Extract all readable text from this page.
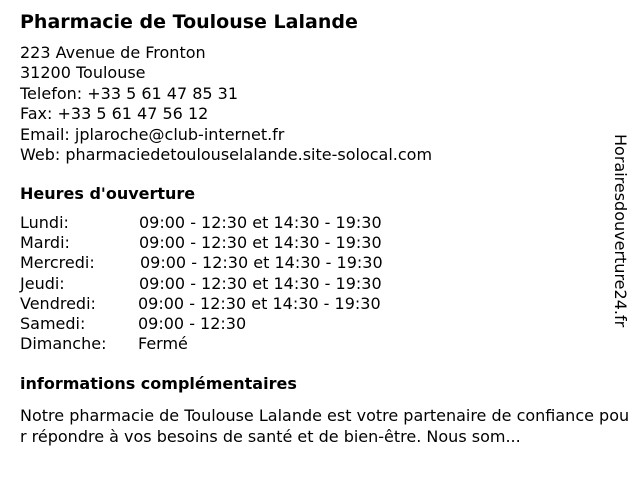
Pharmacie de Toulouse Lalande
223 Avenue de Fronton
31200 Toulouse
Telefon: +33 5 61 47 85 31
Fax: +33 5 61 47 56 12
Email: jplaroche@club-internet.fr
Web: pharmaciedetoulouselalande.site-solocal.com
Heures d'ouverture
Lundi:	09:00 - 12:30 et 14:30 - 19:30
Mardi:	09:00 - 12:30 et 14:30 - 19:30
Mercredi:	09:00 - 12:30 et 14:30 - 19:30
Jeudi:	09:00 - 12:30 et 14:30 - 19:30
Vendredi:	09:00 - 12:30 et 14:30 - 19:30
Samedi:	09:00 - 12:30
Dimanche: Fermé
informations complémentaires
Notre pharmacie de Toulouse Lalande est votre partenaire de confiance pour répondre à vos besoins de santé et de bien-être. Nous som...
Horairesdouverture24.fr
